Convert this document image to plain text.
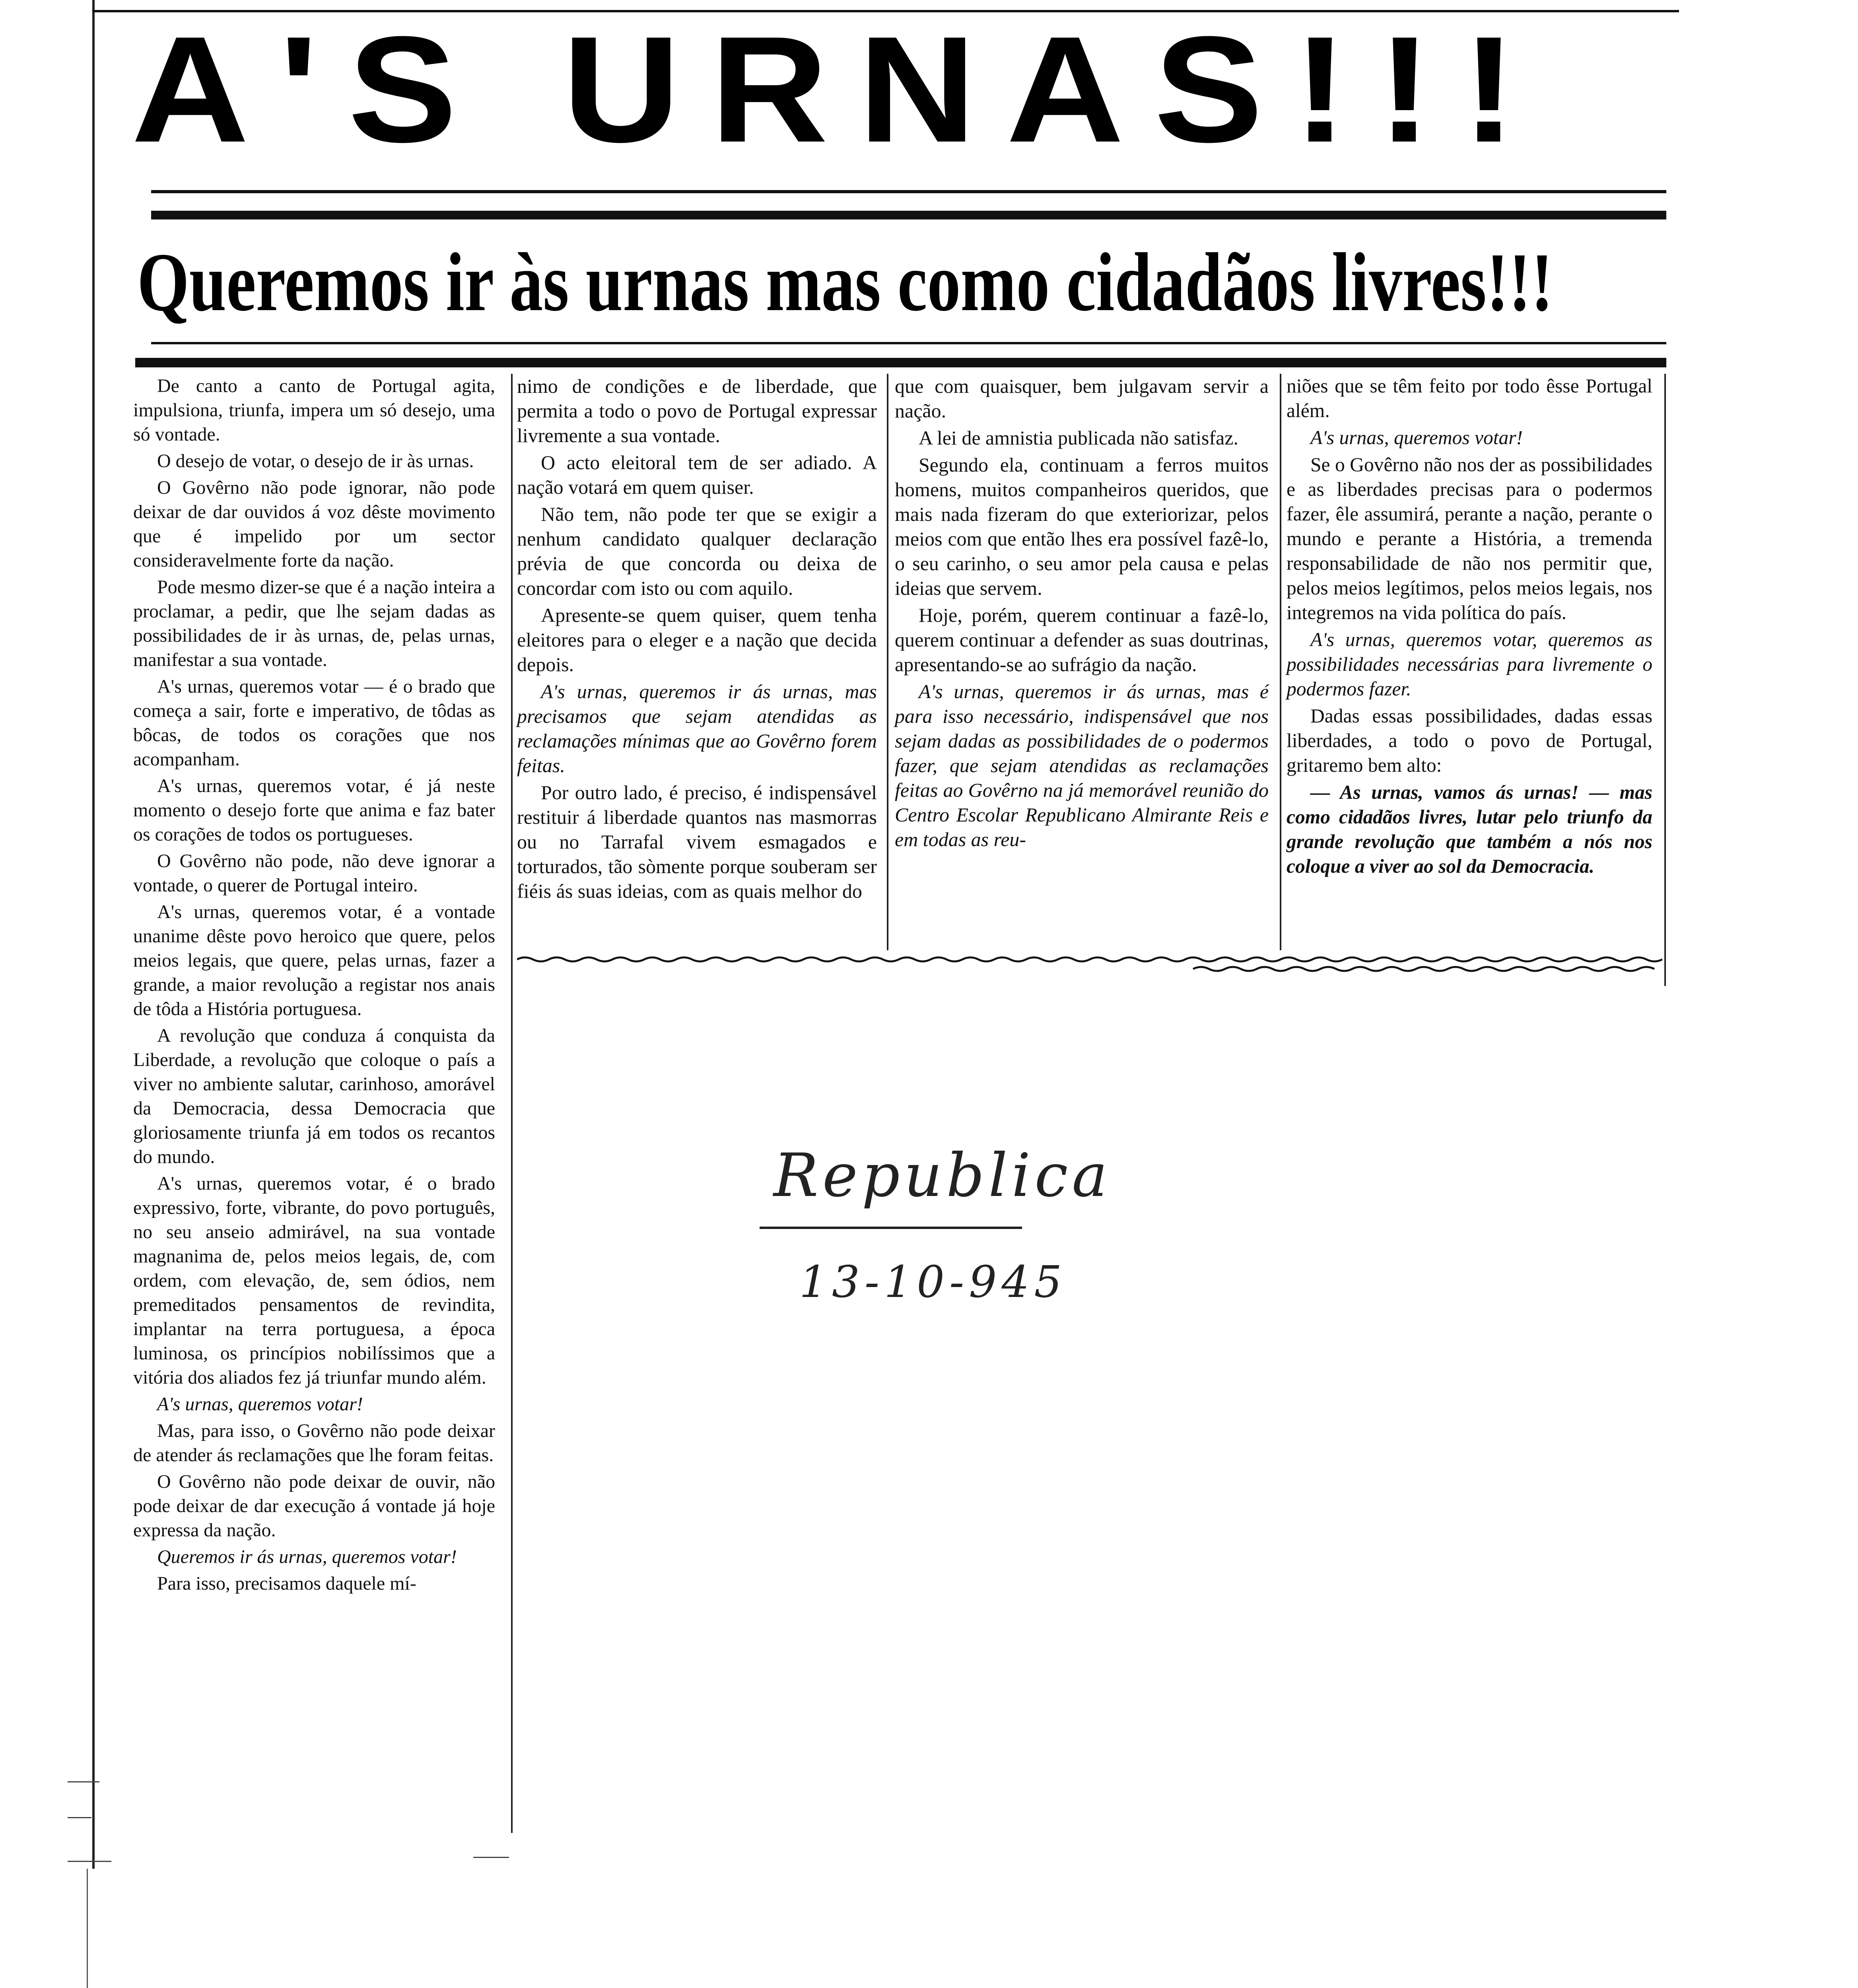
A'S URNAS!!!
Queremos ir às urnas mas como cidadãos livres!!!

De canto a canto de Portugal agita, impulsiona, triunfa, impera um só desejo, uma só vontade.

O desejo de votar, o desejo de ir às urnas.

O Govêrno não pode ignorar, não pode deixar de dar ouvidos á voz dêste movimento que é impelido por um sector consideravelmente forte da nação.

Pode mesmo dizer-se que é a nação inteira a proclamar, a pedir, que lhe sejam dadas as possibilidades de ir às urnas, de, pelas urnas, manifestar a sua vontade.

A's urnas, queremos votar — é o brado que começa a sair, forte e imperativo, de tôdas as bôcas, de todos os corações que nos acompanham.

A's urnas, queremos votar, é já neste momento o desejo forte que anima e faz bater os corações de todos os portugueses.

O Govêrno não pode, não deve ignorar a vontade, o querer de Portugal inteiro.

A's urnas, queremos votar, é a vontade unanime dêste povo heroico que quere, pelos meios legais, que quere, pelas urnas, fazer a grande, a maior revolução a registar nos anais de tôda a História portuguesa.

A revolução que conduza á conquista da Liberdade, a revolução que coloque o país a viver no ambiente salutar, carinhoso, amorável da Democracia, dessa Democracia que gloriosamente triunfa já em todos os recantos do mundo.

A's urnas, queremos votar, é o brado expressivo, forte, vibrante, do povo português, no seu anseio admirável, na sua vontade magnanima de, pelos meios legais, de, com ordem, com elevação, de, sem ódios, nem premeditados pensamentos de revindita, implantar na terra portuguesa, a época luminosa, os princípios nobilíssimos que a vitória dos aliados fez já triunfar mundo além.

A's urnas, queremos votar!

Mas, para isso, o Govêrno não pode deixar de atender ás reclamações que lhe foram feitas.

O Govêrno não pode deixar de ouvir, não pode deixar de dar execução á vontade já hoje expressa da nação.

Queremos ir ás urnas, queremos votar!

Para isso, precisamos daquele mí-

nimo de condições e de liberdade, que permita a todo o povo de Portugal expressar livremente a sua vontade.

O acto eleitoral tem de ser adiado. A nação votará em quem quiser.

Não tem, não pode ter que se exigir a nenhum candidato qualquer declaração prévia de que concorda ou deixa de concordar com isto ou com aquilo.

Apresente-se quem quiser, quem tenha eleitores para o eleger e a nação que decida depois.

A's urnas, queremos ir ás urnas, mas precisamos que sejam atendidas as reclamações mínimas que ao Govêrno forem feitas.

Por outro lado, é preciso, é indispensável restituir á liberdade quantos nas masmorras ou no Tarrafal vivem esmagados e torturados, tão sòmente porque souberam ser fiéis ás suas ideias, com as quais melhor do

que com quaisquer, bem julgavam servir a nação.

A lei de amnistia publicada não satisfaz.

Segundo ela, continuam a ferros muitos homens, muitos companheiros queridos, que mais nada fizeram do que exteriorizar, pelos meios com que então lhes era possível fazê-lo, o seu carinho, o seu amor pela causa e pelas ideias que servem.

Hoje, porém, querem continuar a fazê-lo, querem continuar a defender as suas doutrinas, apresentando-se ao sufrágio da nação.

A's urnas, queremos ir ás urnas, mas é para isso necessário, indispensável que nos sejam dadas as possibilidades de o podermos fazer, que sejam atendidas as reclamações feitas ao Govêrno na já memorável reunião do Centro Escolar Republicano Almirante Reis e em todas as reu-

niões que se têm feito por todo êsse Portugal além.

A's urnas, queremos votar!

Se o Govêrno não nos der as possibilidades e as liberdades precisas para o podermos fazer, êle assumirá, perante a nação, perante o mundo e perante a História, a tremenda responsabilidade de não nos permitir que, pelos meios legítimos, pelos meios legais, nos integremos na vida política do país.

A's urnas, queremos votar, queremos as possibilidades necessárias para livremente o podermos fazer.

Dadas essas possibilidades, dadas essas liberdades, a todo o povo de Portugal, gritaremo bem alto:

— As urnas, vamos ás urnas! — mas como cidadãos livres, lutar pelo triunfo da grande revolução que também a nós nos coloque a viver ao sol da Democracia.

Republica
13-10-945
